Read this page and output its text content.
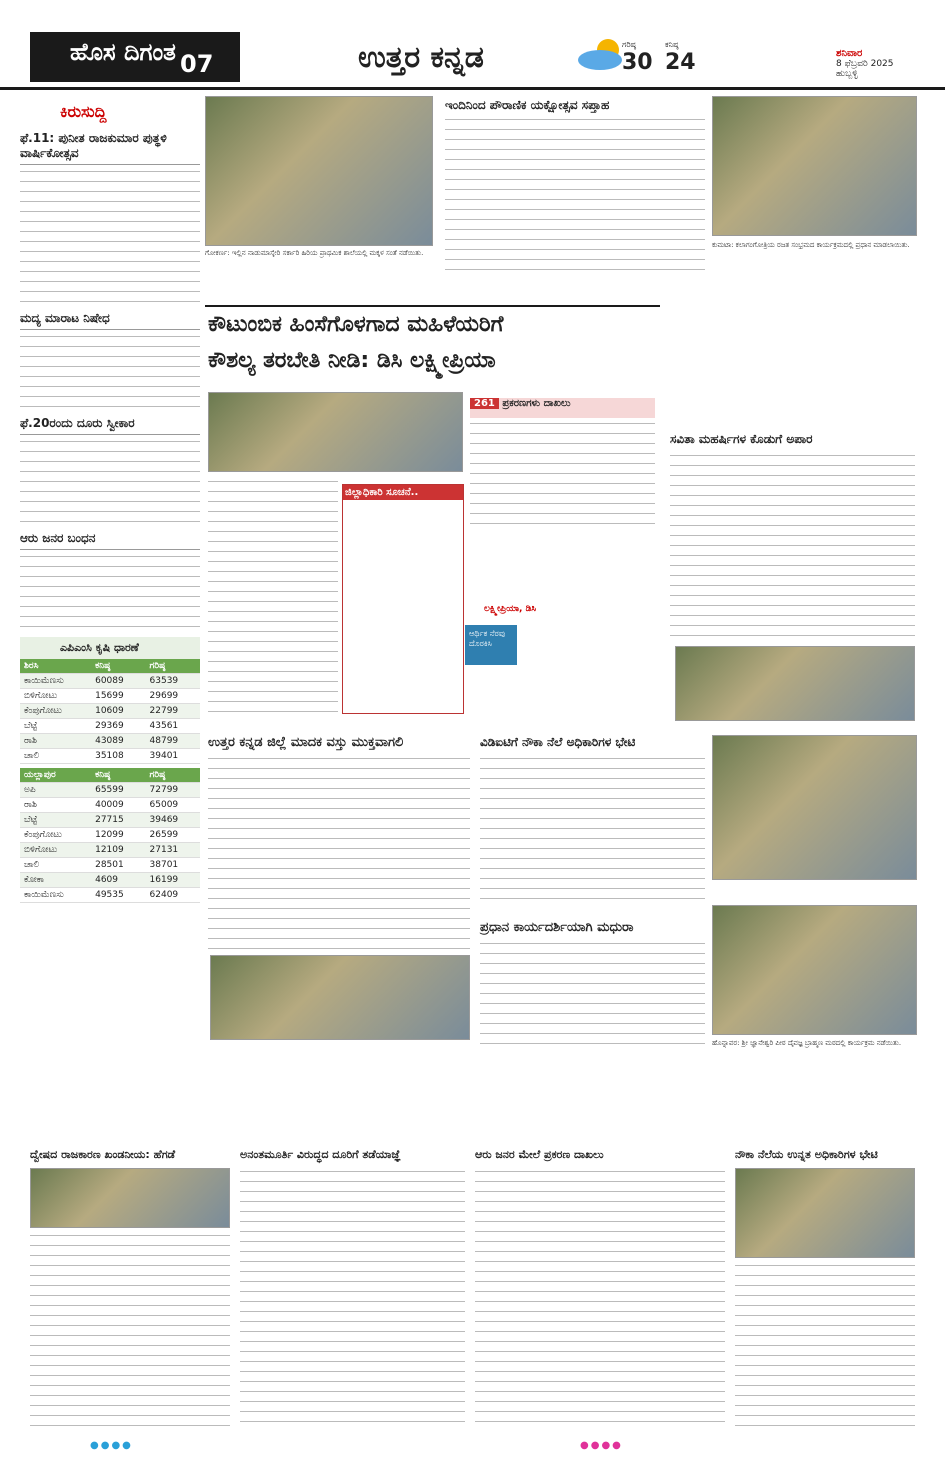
ಹೊಸ ದಿಗಂತ 07	ಉತ್ತರ ಕನ್ನಡ	ಗರಿಷ್ಠ
30
ಕನಿಷ್ಠ
24	ಶನಿವಾರ
8 ಫೆಬ್ರವರಿ 2025
ಹುಬ್ಬಳ್ಳಿ
ಕಿರುಸುದ್ದಿ
ಫೆ.11: ಪುನೀತ ರಾಜಕುಮಾರ ಪುತ್ಥಳಿ ವಾರ್ಷಿಕೋತ್ಸವ
ಮದ್ಯ ಮಾರಾಟ ನಿಷೇಧ
ಫೆ.20ರಂದು ದೂರು ಸ್ವೀಕಾರ
ಆರು ಜನರ ಬಂಧನ
ಎಪಿಎಂಸಿ ಕೃಷಿ ಧಾರಣೆ
ಶಿರಸಿ	ಕನಿಷ್ಠ	ಗರಿಷ್ಠ
ಕಾಯಿಮೆಣಸು	60089	63539
ಬಿಳಿಗೋಟು	15699	29699
ಕೆಂಪುಗೋಟು	10609	22799
ಬೆಟ್ಟೆ	29369	43561
ರಾಶಿ	43089	48799
ಚಾಲಿ	35108	39401
ಯಲ್ಲಾಪುರ	ಕನಿಷ್ಠ	ಗರಿಷ್ಠ
ಅಪಿ	65599	72799
ರಾಶಿ	40009	65009
ಬೆಟ್ಟೆ	27715	39469
ಕೆಂಪುಗೋಟು	12099	26599
ಬಿಳಿಗೋಟು	12109	27131
ಚಾಲಿ	28501	38701
ಕೋಕಾ	4609	16199
ಕಾಯಿಮೆಣಸು	49535	62409
ಗೋಕರ್ಣ: ಇಲ್ಲಿನ ನಾಡುಮಾಸ್ಕೇರಿ ಸರ್ಕಾರಿ ಹಿರಿಯ ಪ್ರಾಥಮಿಕ ಶಾಲೆಯಲ್ಲಿ ಮಕ್ಕಳ ಸಂತೆ ನಡೆಯಿತು.
ಇಂದಿನಿಂದ ಪೌರಾಣಿಕ ಯಕ್ಷೋತ್ಸವ ಸಪ್ತಾಹ
ಕುಮಟಾ: ಕಲಾಗಂಗೋತ್ರಿಯ ರಜತ ಸಂಭ್ರಮದ ಕಾರ್ಯಕ್ರಮದಲ್ಲಿ ಪ್ರಧಾನ ಮಾಡಲಾಯಿತು.
ಕೌಟುಂಬಿಕ ಹಿಂಸೆಗೊಳಗಾದ ಮಹಿಳೆಯರಿಗೆ
ಕೌಶಲ್ಯ ತರಬೇತಿ ನೀಡಿ: ಡಿಸಿ ಲಕ್ಷ್ಮೀಪ್ರಿಯಾ
261 ಪ್ರಕರಣಗಳು ದಾಖಲು
ಜಿಲ್ಲಾಧಿಕಾರಿ ಸೂಚನೆ..
ಲಕ್ಷ್ಮೀಪ್ರಿಯಾ, ಡಿಸಿ
ಆರ್ಥಿಕ ನೆರವು ದೊರಕಿಸಿ
ಸವಿತಾ ಮಹರ್ಷಿಗಳ ಕೊಡುಗೆ ಅಪಾರ
ಉತ್ತರ ಕನ್ನಡ ಜಿಲ್ಲೆ ಮಾದಕ ವಸ್ತು ಮುಕ್ತವಾಗಲಿ	ವಿಡಿಐಟಿಗೆ ನೌಕಾ ನೆಲೆ ಅಧಿಕಾರಿಗಳ ಭೇಟಿ
ಪ್ರಧಾನ ಕಾರ್ಯದರ್ಶಿಯಾಗಿ ಮಧುರಾ
ಹೊನ್ನಾವರ: ಶ್ರೀ ಜ್ಞಾನೇಶ್ವರಿ ಪೀಠ ದೈವಜ್ಞ ಬ್ರಾಹ್ಮಣ ಮಠದಲ್ಲಿ ಕಾರ್ಯಕ್ರಮ ನಡೆಯಿತು.
ದ್ವೇಷದ ರಾಜಕಾರಣ ಖಂಡನೀಯ: ಹೆಗಡೆ	ಅನಂತಮೂರ್ತಿ ವಿರುದ್ಧದ ದೂರಿಗೆ ತಡೆಯಾಜ್ಞೆ	ಆರು ಜನರ ಮೇಲೆ ಪ್ರಕರಣ ದಾಖಲು	ನೌಕಾ ನೆಲೆಯ ಉನ್ನತ ಅಧಿಕಾರಿಗಳ ಭೇಟಿ
●●●●	●●●●
